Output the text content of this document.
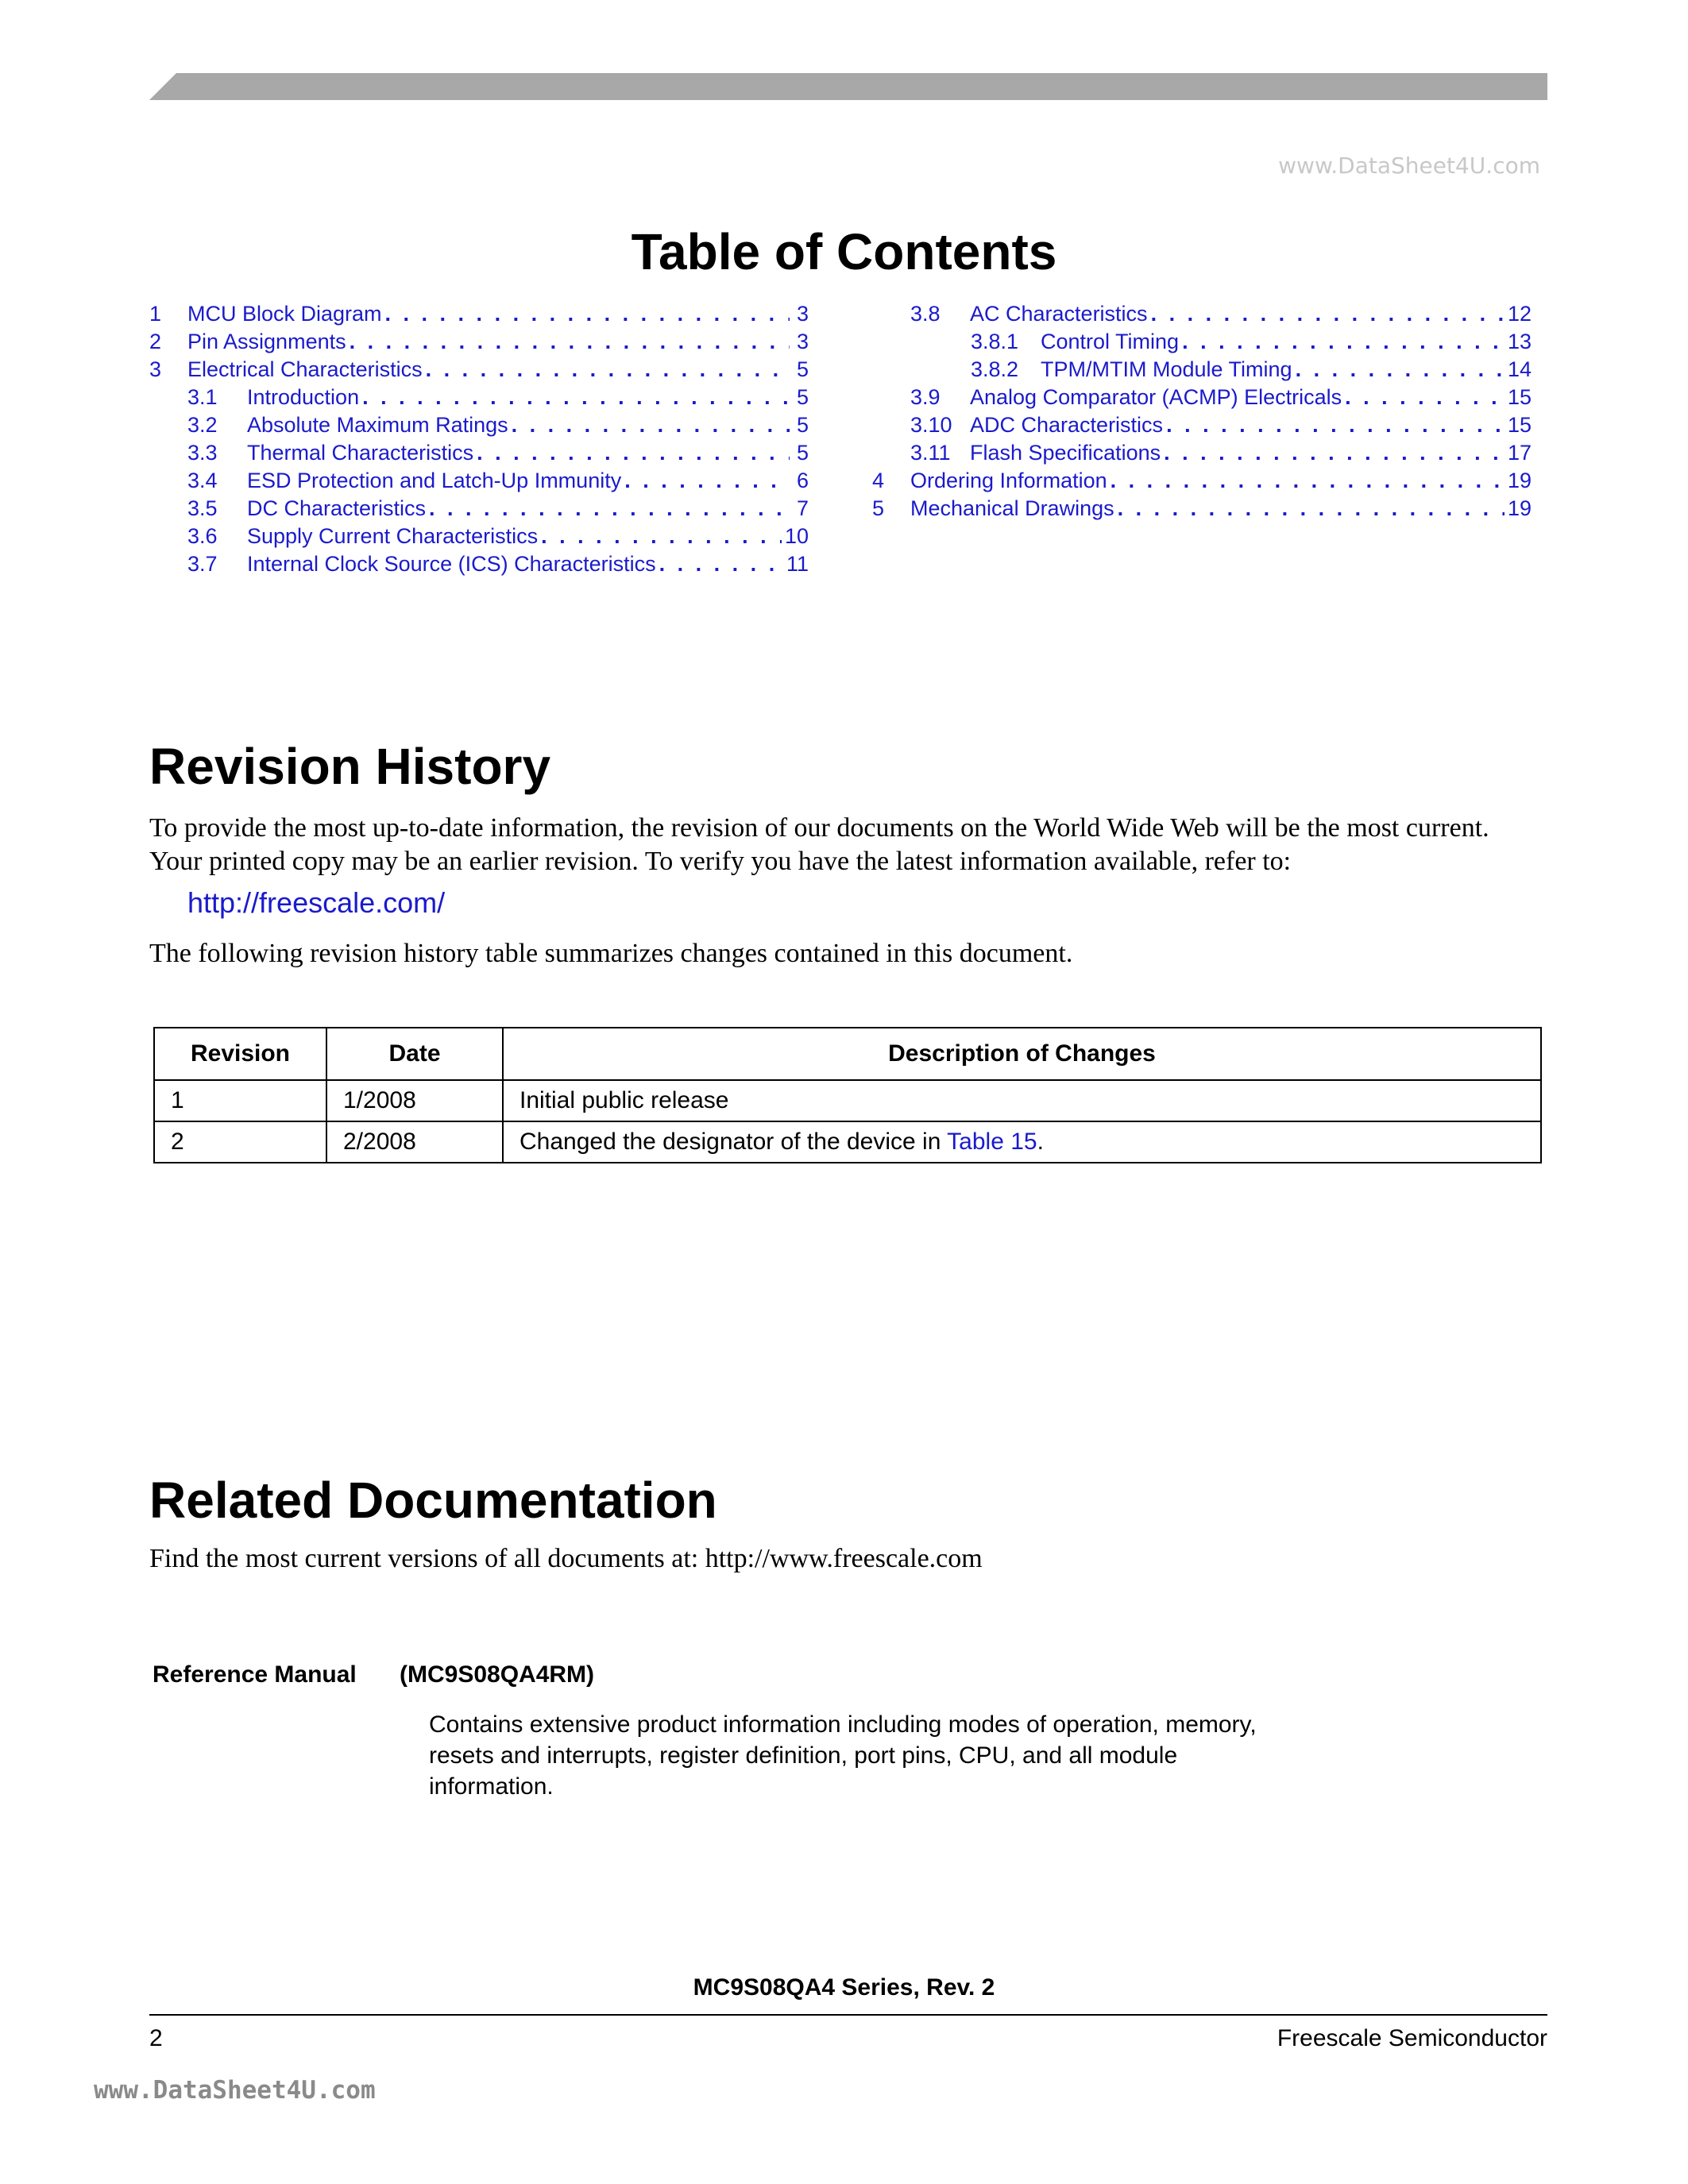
www.DataSheet4U.com
Table of Contents
1	MCU Block Diagram . . .	3
2	Pin Assignments . . .	3
3	Electrical Characteristics . . .	5
3.1	Introduction . . .	5
3.2	Absolute Maximum Ratings . . .	5
3.3	Thermal Characteristics . . .	5
3.4	ESD Protection and Latch-Up Immunity . . .	6
3.5	DC Characteristics . . .	7
3.6	Supply Current Characteristics . . .	10
3.7	Internal Clock Source (ICS) Characteristics . . .	11
3.8	AC Characteristics . . .	12
3.8.1	Control Timing . . .	13
3.8.2	TPM/MTIM Module Timing . . .	14
3.9	Analog Comparator (ACMP) Electricals . . .	15
3.10 ADC Characteristics . . .	15
3.11 Flash Specifications . . .	17
4	Ordering Information . . .	19
5	Mechanical Drawings . . .	19
Revision History
To provide the most up-to-date information, the revision of our documents on the World Wide Web will be the most current.
Your printed copy may be an earlier revision. To verify you have the latest information available, refer to:
http://freescale.com/
The following revision history table summarizes changes contained in this document.
Revision	Date	Description of Changes
1	1/2008	Initial public release
2	2/2008	Changed the designator of the device in Table 15.
Related Documentation
Find the most current versions of all documents at: http://www.freescale.com
Reference Manual (MC9S08QA4RM)
Contains extensive product information including modes of operation, memory,
resets and interrupts, register definition, port pins, CPU, and all module
information.
MC9S08QA4 Series, Rev. 2
2	Freescale Semiconductor
www.DataSheet4U.com
